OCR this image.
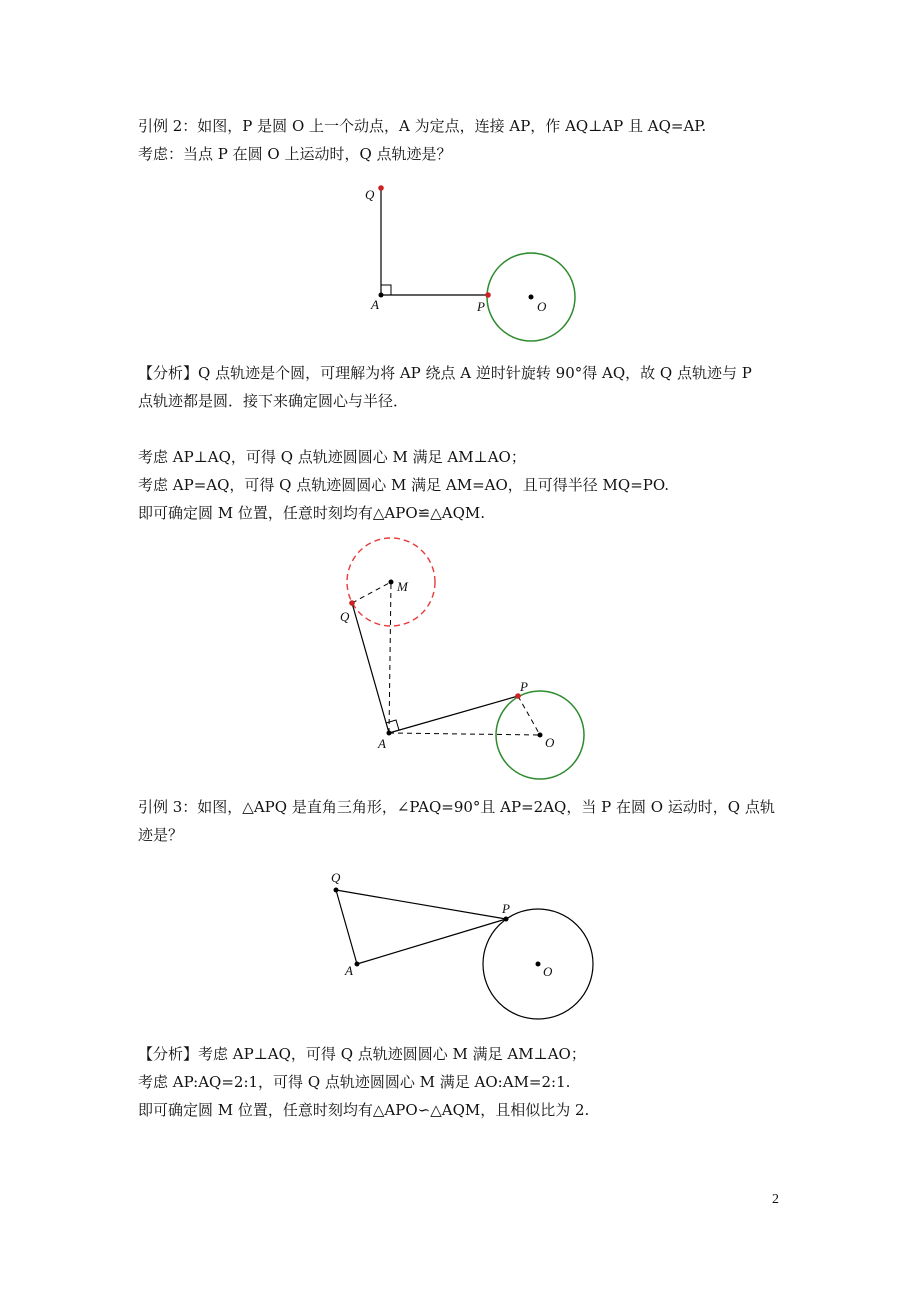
引例 2：如图，P 是圆 O 上一个动点，A 为定点，连接 AP，作 AQ⊥AP 且 AQ=AP.
考虑：当点 P 在圆 O 上运动时，Q 点轨迹是？
Q
A	P	O
【分析】Q 点轨迹是个圆，可理解为将 AP 绕点 A 逆时针旋转 90°得 AQ，故 Q 点轨迹与 P
点轨迹都是圆．接下来确定圆心与半径．
考虑 AP⊥AQ，可得 Q 点轨迹圆圆心 M 满足 AM⊥AO；
考虑 AP=AQ，可得 Q 点轨迹圆圆心 M 满足 AM=AO，且可得半径 MQ=PO.
即可确定圆 M 位置，任意时刻均有△APO≌△AQM.
M
Q
P
A	O
引例 3：如图，△APQ 是直角三角形，∠PAQ=90°且 AP=2AQ，当 P 在圆 O 运动时，Q 点轨
迹是？
Q
P
A	O
【分析】考虑 AP⊥AQ，可得 Q 点轨迹圆圆心 M 满足 AM⊥AO；
考虑 AP:AQ=2:1，可得 Q 点轨迹圆圆心 M 满足 AO:AM=2:1.
即可确定圆 M 位置，任意时刻均有△APO∽△AQM，且相似比为 2.
2
